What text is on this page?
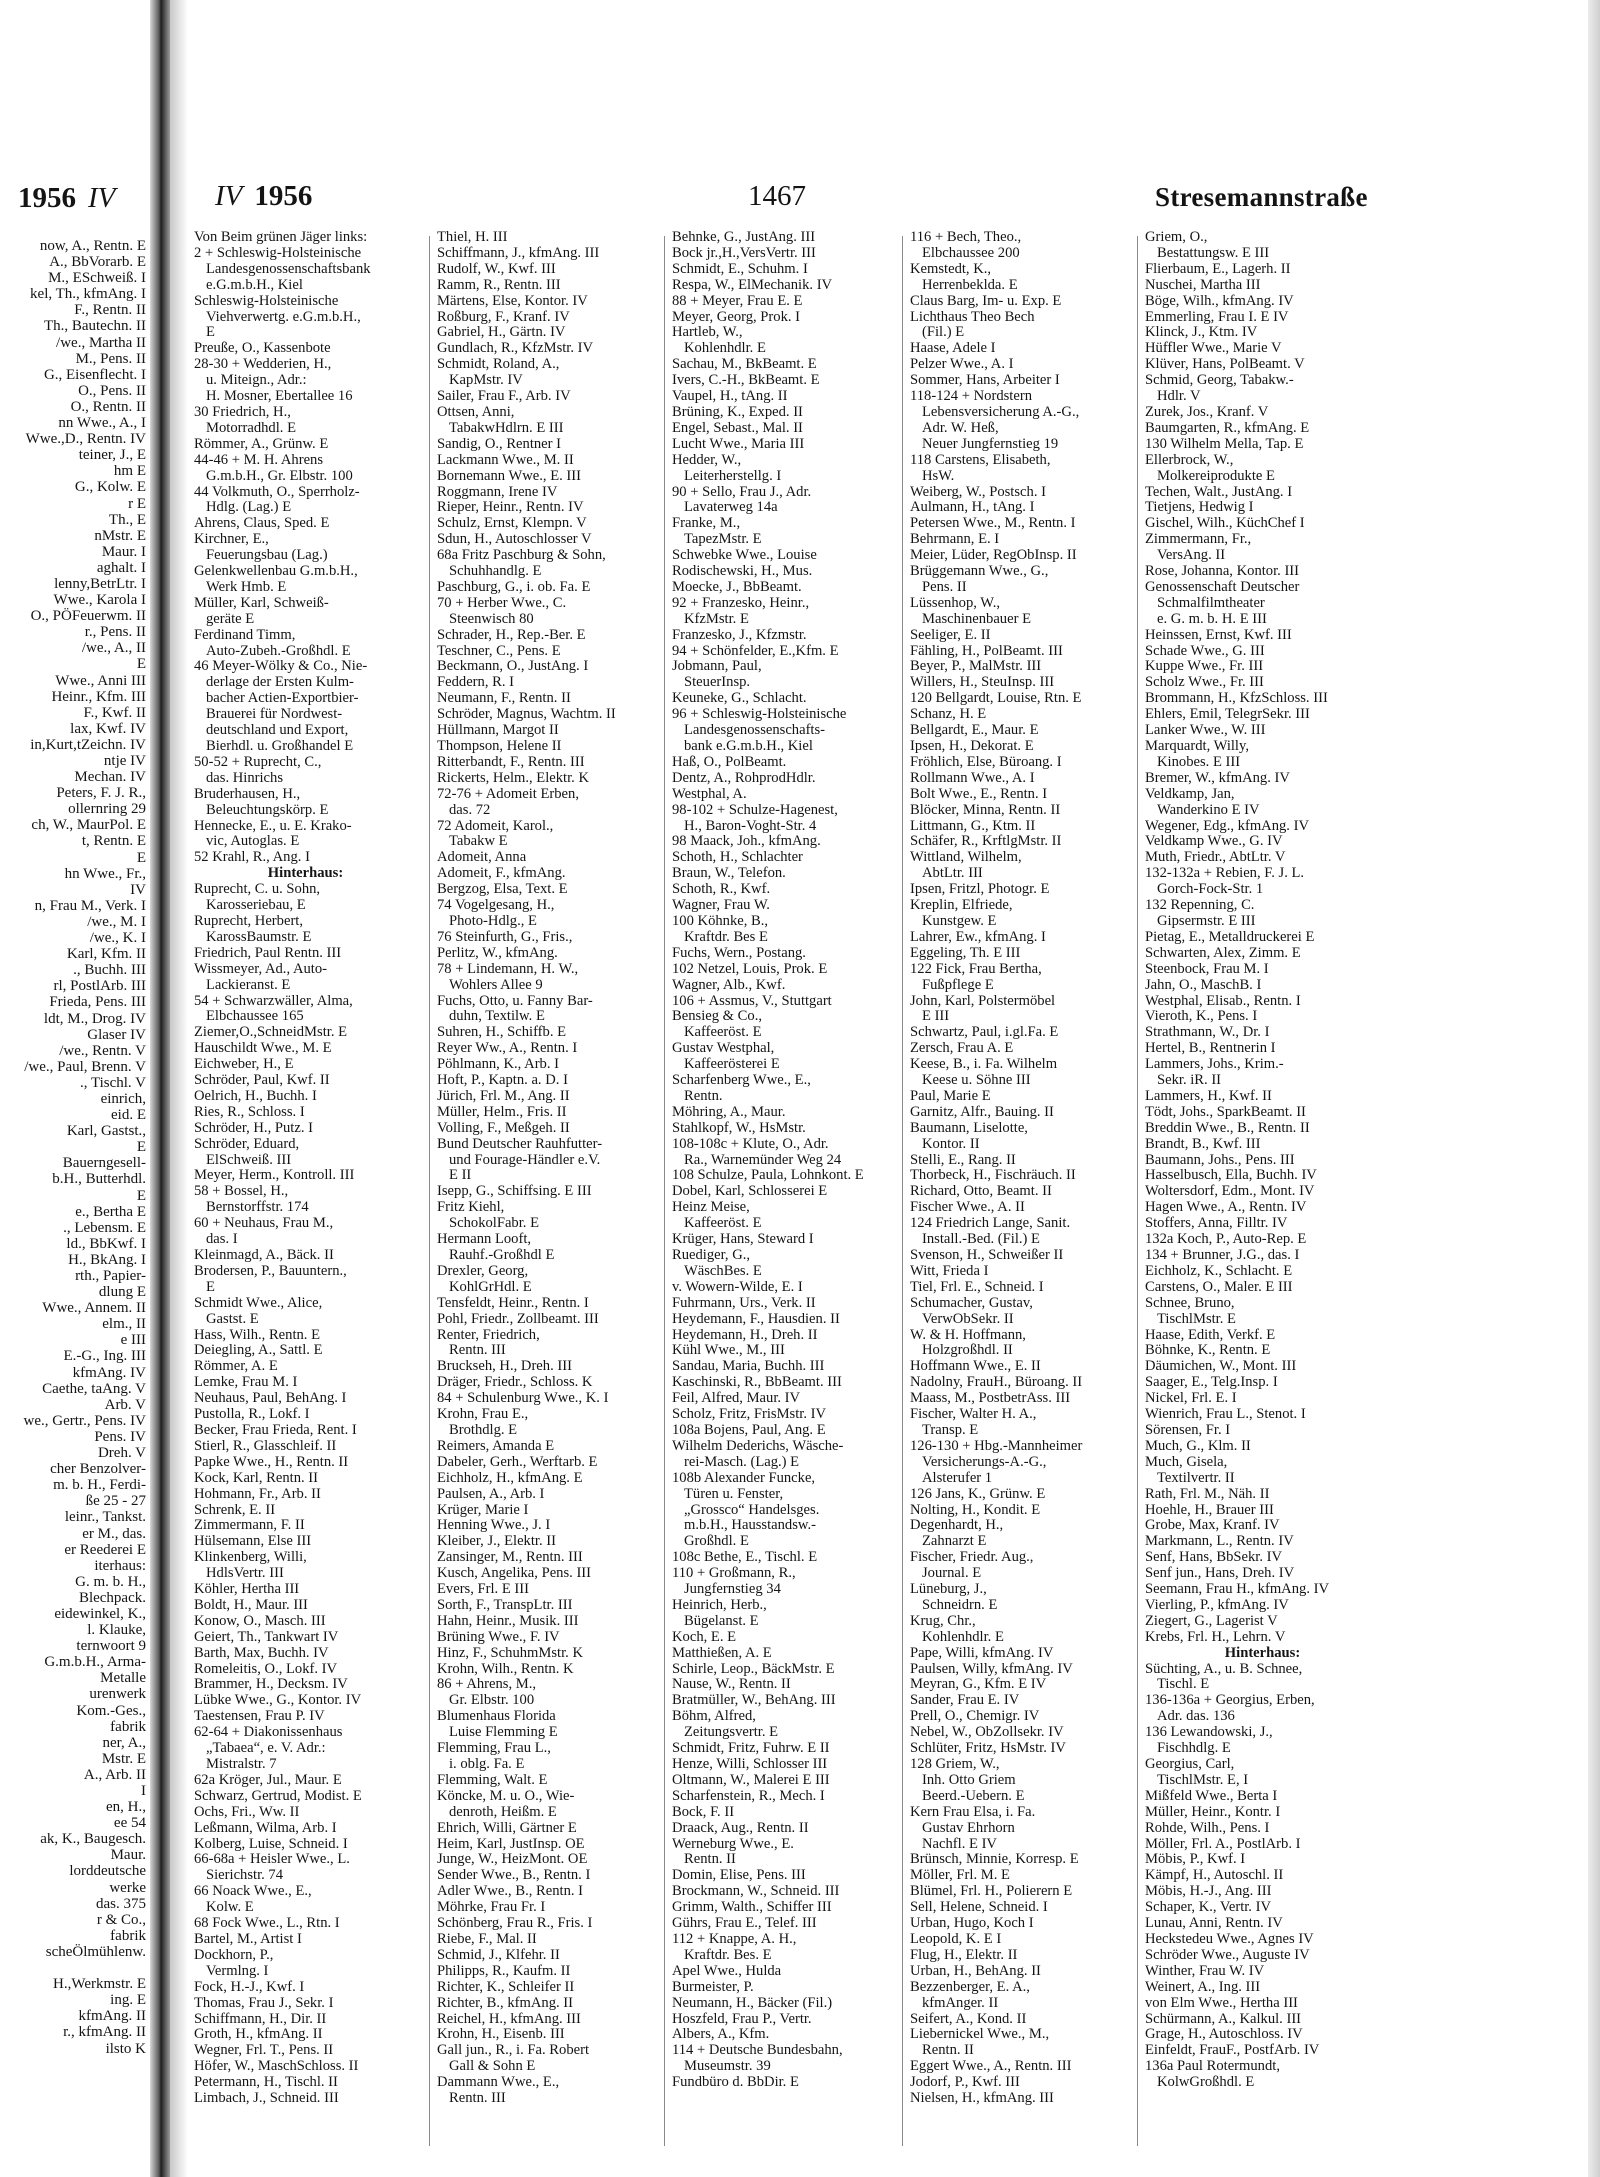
1956 IV
now, A., Rentn. E
A., BbVorarb. E
M., ESchweiß. I
kel, Th., kfmAng. I
F., Rentn. II
Th., Bautechn. II
/we., Martha II
M., Pens. II
G., Eisenflecht. I
O., Pens. II
O., Rentn. II
nn Wwe., A., I
Wwe.,D., Rentn. IV
teiner, J., E
hm E
G., Kolw. E
r E
Th., E
nMstr. E
Maur. I
aghalt. I
lenny,BetrLtr. I
Wwe., Karola I
O., PÖFeuerwm. II
r., Pens. II
/we., A., II
E
Wwe., Anni III
Heinr., Kfm. III
F., Kwf. II
lax, Kwf. IV
in,Kurt,tZeichn. IV
ntje IV
Mechan. IV
Peters, F. J. R.,
ollernring 29
ch, W., MaurPol. E
t, Rentn. E
E
hn Wwe., Fr.,
IV
n, Frau M., Verk. I
/we., M. I
/we., K. I
Karl, Kfm. II
., Buchh. III
rl, PostlArb. III
Frieda, Pens. III
ldt, M., Drog. IV
Glaser IV
/we., Rentn. V
/we., Paul, Brenn. V
., Tischl. V
einrich,
eid. E
Karl, Gastst.,
E
Bauerngesell-
b.H., Butterhdl.
E
e., Bertha E
., Lebensm. E
ld., BbKwf. I
H., BkAng. I
rth., Papier-
dlung E
Wwe., Annem. II
elm., II
e III
E.-G., Ing. III
kfmAng. IV
Caethe, taAng. V
Arb. V
we., Gertr., Pens. IV
Pens. IV
Dreh. V
cher Benzolver-
m. b. H., Ferdi-
ße 25 - 27
leinr., Tankst.
er M., das.
er Reederei E
iterhaus:
G. m. b. H.,
Blechpack.
eidewinkel, K.,
l. Klauke,
ternwoort 9
G.m.b.H., Arma-
Metalle
urenwerk
Kom.-Ges.,
fabrik
ner, A.,
Mstr. E
A., Arb. II
I
en, H.,
ee 54
ak, K., Baugesch.
Maur.
lorddeutsche
werke
das. 375
r & Co.,
fabrik
scheÖlmühlenw.

H.,Werkmstr. E
ing. E
kfmAng. II
r., kfmAng. II
ilsto K
IV 1956	1467	Stresemannstraße
Von Beim grünen Jäger links:
2 + Schleswig-Holsteinische
Landesgenossenschaftsbank
e.G.m.b.H., Kiel
Schleswig-Holsteinische
Viehverwertg. e.G.m.b.H.,
E
Preuße, O., Kassenbote
28-30 + Wedderien, H.,
u. Miteign., Adr.:
H. Mosner, Ebertallee 16
30 Friedrich, H.,
Motorradhdl. E
Römmer, A., Grünw. E
44-46 + M. H. Ahrens
G.m.b.H., Gr. Elbstr. 100
44 Volkmuth, O., Sperrholz-
Hdlg. (Lag.) E
Ahrens, Claus, Sped. E
Kirchner, E.,
Feuerungsbau (Lag.)
Gelenkwellenbau G.m.b.H.,
Werk Hmb. E
Müller, Karl, Schweiß-
geräte E
Ferdinand Timm,
Auto-Zubeh.-Großhdl. E
46 Meyer-Wölky & Co., Nie-
derlage der Ersten Kulm-
bacher Actien-Exportbier-
Brauerei für Nordwest-
deutschland und Export,
Bierhdl. u. Großhandel E
50-52 + Ruprecht, C.,
das. Hinrichs
Bruderhausen, H.,
Beleuchtungskörp. E
Hennecke, E., u. E. Krako-
vic, Autoglas. E
52 Krahl, R., Ang. I
Hinterhaus:
Ruprecht, C. u. Sohn,
Karosseriebau, E
Ruprecht, Herbert,
KarossBaumstr. E
Friedrich, Paul Rentn. III
Wissmeyer, Ad., Auto-
Lackieranst. E
54 + Schwarzwäller, Alma,
Elbchaussee 165
Ziemer,O.,SchneidMstr. E
Hauschildt Wwe., M. E
Eichweber, H., E
Schröder, Paul, Kwf. II
Oelrich, H., Buchh. I
Ries, R., Schloss. I
Schröder, H., Putz. I
Schröder, Eduard,
ElSchweiß. III
Meyer, Herm., Kontroll. III
58 + Bossel, H.,
Bernstorffstr. 174
60 + Neuhaus, Frau M.,
das. I
Kleinmagd, A., Bäck. II
Brodersen, P., Bauuntern.,
E
Schmidt Wwe., Alice,
Gastst. E
Hass, Wilh., Rentn. E
Deiegling, A., Sattl. E
Römmer, A. E
Lemke, Frau M. I
Neuhaus, Paul, BehAng. I
Pustolla, R., Lokf. I
Becker, Frau Frieda, Rent. I
Stierl, R., Glasschleif. II
Papke Wwe., H., Rentn. II
Kock, Karl, Rentn. II
Hohmann, Fr., Arb. II
Schrenk, E. II
Zimmermann, F. II
Hülsemann, Else III
Klinkenberg, Willi,
HdlsVertr. III
Köhler, Hertha III
Boldt, H., Maur. III
Konow, O., Masch. III
Geiert, Th., Tankwart IV
Barth, Max, Buchh. IV
Romeleitis, O., Lokf. IV
Brammer, H., Decksm. IV
Lübke Wwe., G., Kontor. IV
Taestensen, Frau P. IV
62-64 + Diakonissenhaus
„Tabaea“, e. V. Adr.:
Mistralstr. 7
62a Kröger, Jul., Maur. E
Schwarz, Gertrud, Modist. E
Ochs, Fri., Ww. II
Leßmann, Wilma, Arb. I
Kolberg, Luise, Schneid. I
66-68a + Heisler Wwe., L.
Sierichstr. 74
66 Noack Wwe., E.,
Kolw. E
68 Fock Wwe., L., Rtn. I
Bartel, M., Artist I
Dockhorn, P.,
Vermlng. I
Fock, H.-J., Kwf. I
Thomas, Frau J., Sekr. I
Schiffmann, H., Dir. II
Groth, H., kfmAng. II
Wegner, Frl. T., Pens. II
Höfer, W., MaschSchloss. II
Petermann, H., Tischl. II
Limbach, J., Schneid. III
Thiel, H. III
Schiffmann, J., kfmAng. III
Rudolf, W., Kwf. III
Ramm, R., Rentn. III
Märtens, Else, Kontor. IV
Roßburg, F., Kranf. IV
Gabriel, H., Gärtn. IV
Gundlach, R., KfzMstr. IV
Schmidt, Roland, A.,
KapMstr. IV
Sailer, Frau F., Arb. IV
Ottsen, Anni,
TabakwHdlrn. E III
Sandig, O., Rentner I
Lackmann Wwe., M. II
Bornemann Wwe., E. III
Roggmann, Irene IV
Rieper, Heinr., Rentn. IV
Schulz, Ernst, Klempn. V
Sdun, H., Autoschlosser V
68a Fritz Paschburg & Sohn,
Schuhhandlg. E
Paschburg, G., i. ob. Fa. E
70 + Herber Wwe., C.
Steenwisch 80
Schrader, H., Rep.-Ber. E
Teschner, C., Pens. E
Beckmann, O., JustAng. I
Feddern, R. I
Neumann, F., Rentn. II
Schröder, Magnus, Wachtm. II
Hüllmann, Margot II
Thompson, Helene II
Ritterbandt, F., Rentn. III
Rickerts, Helm., Elektr. K
72-76 + Adomeit Erben,
das. 72
72 Adomeit, Karol.,
Tabakw E
Adomeit, Anna
Adomeit, F., kfmAng.
Bergzog, Elsa, Text. E
74 Vogelgesang, H.,
Photo-Hdlg., E
76 Steinfurth, G., Fris.,
Perlitz, W., kfmAng.
78 + Lindemann, H. W.,
Wohlers Allee 9
Fuchs, Otto, u. Fanny Bar-
duhn, Textilw. E
Suhren, H., Schiffb. E
Reyer Ww., A., Rentn. I
Pöhlmann, K., Arb. I
Hoft, P., Kaptn. a. D. I
Jürich, Frl. M., Ang. II
Müller, Helm., Fris. II
Volling, F., Meßgeh. II
Bund Deutscher Rauhfutter-
und Fourage-Händler e.V.
E II
Isepp, G., Schiffsing. E III
Fritz Kiehl,
SchokolFabr. E
Hermann Looft,
Rauhf.-Großhdl E
Drexler, Georg,
KohlGrHdl. E
Tensfeldt, Heinr., Rentn. I
Pohl, Friedr., Zollbeamt. III
Renter, Friedrich,
Rentn. III
Bruckseh, H., Dreh. III
Dräger, Friedr., Schloss. K
84 + Schulenburg Wwe., K. I
Krohn, Frau E.,
Brothdlg. E
Reimers, Amanda E
Dabeler, Gerh., Werftarb. E
Eichholz, H., kfmAng. E
Paulsen, A., Arb. I
Krüger, Marie I
Henning Wwe., J. I
Kleiber, J., Elektr. II
Zansinger, M., Rentn. III
Kusch, Angelika, Pens. III
Evers, Frl. E III
Sorth, F., TranspLtr. III
Hahn, Heinr., Musik. III
Brüning Wwe., F. IV
Hinz, F., SchuhmMstr. K
Krohn, Wilh., Rentn. K
86 + Ahrens, M.,
Gr. Elbstr. 100
Blumenhaus Florida
Luise Flemming E
Flemming, Frau L.,
i. oblg. Fa. E
Flemming, Walt. E
Köncke, M. u. O., Wie-
denroth, Heißm. E
Ehrich, Willi, Gärtner E
Heim, Karl, JustInsp. OE
Junge, W., HeizMont. OE
Sender Wwe., B., Rentn. I
Adler Wwe., B., Rentn. I
Möhrke, Frau Fr. I
Schönberg, Frau R., Fris. I
Riebe, F., Mal. II
Schmid, J., Klfehr. II
Philipps, R., Kaufm. II
Richter, K., Schleifer II
Richter, B., kfmAng. II
Reichel, H., kfmAng. III
Krohn, H., Eisenb. III
Gall jun., R., i. Fa. Robert
Gall & Sohn E
Dammann Wwe., E.,
Rentn. III
Behnke, G., JustAng. III
Bock jr.,H.,VersVertr. III
Schmidt, E., Schuhm. I
Respa, W., ElMechanik. IV
88 + Meyer, Frau E. E
Meyer, Georg, Prok. I
Hartleb, W.,
Kohlenhdlr. E
Sachau, M., BkBeamt. E
Ivers, C.-H., BkBeamt. E
Vaupel, H., tAng. II
Brüning, K., Exped. II
Engel, Sebast., Mal. II
Lucht Wwe., Maria III
Hedder, W.,
Leiterherstellg. I
90 + Sello, Frau J., Adr.
Lavaterweg 14a
Franke, M.,
TapezMstr. E
Schwebke Wwe., Louise
Rodischewski, H., Mus.
Moecke, J., BbBeamt.
92 + Franzesko, Heinr.,
KfzMstr. E
Franzesko, J., Kfzmstr.
94 + Schönfelder, E.,Kfm. E
Jobmann, Paul,
SteuerInsp.
Keuneke, G., Schlacht.
96 + Schleswig-Holsteinische
Landesgenossenschafts-
bank e.G.m.b.H., Kiel
Haß, O., PolBeamt.
Dentz, A., RohprodHdlr.
Westphal, A.
98-102 + Schulze-Hagenest,
H., Baron-Voght-Str. 4
98 Maack, Joh., kfmAng.
Schoth, H., Schlachter
Braun, W., Telefon.
Schoth, R., Kwf.
Wagner, Frau W.
100 Köhnke, B.,
Kraftdr. Bes E
Fuchs, Wern., Postang.
102 Netzel, Louis, Prok. E
Wagner, Alb., Kwf.
106 + Assmus, V., Stuttgart
Bensieg & Co.,
Kaffeeröst. E
Gustav Westphal,
Kaffeerösterei E
Scharfenberg Wwe., E.,
Rentn.
Möhring, A., Maur.
Stahlkopf, W., HsMstr.
108-108c + Klute, O., Adr.
Ra., Warnemünder Weg 24
108 Schulze, Paula, Lohnkont. E
Dobel, Karl, Schlosserei E
Heinz Meise,
Kaffeeröst. E
Krüger, Hans, Steward I
Ruediger, G.,
WäschBes. E
v. Wowern-Wilde, E. I
Fuhrmann, Urs., Verk. II
Heydemann, F., Hausdien. II
Heydemann, H., Dreh. II
Kühl Wwe., M., III
Sandau, Maria, Buchh. III
Kaschinski, R., BbBeamt. III
Feil, Alfred, Maur. IV
Scholz, Fritz, FrisMstr. IV
108a Bojens, Paul, Ang. E
Wilhelm Dederichs, Wäsche-
rei-Masch. (Lag.) E
108b Alexander Funcke,
Türen u. Fenster,
„Grossco“ Handelsges.
m.b.H., Hausstandsw.-
Großhdl. E
108c Bethe, E., Tischl. E
110 + Großmann, R.,
Jungfernstieg 34
Heinrich, Herb.,
Bügelanst. E
Koch, E. E
Matthießen, A. E
Schirle, Leop., BäckMstr. E
Nause, W., Rentn. II
Bratmüller, W., BehAng. III
Böhm, Alfred,
Zeitungsvertr. E
Schmidt, Fritz, Fuhrw. E II
Henze, Willi, Schlosser III
Oltmann, W., Malerei E III
Scharfenstein, R., Mech. I
Bock, F. II
Draack, Aug., Rentn. II
Werneburg Wwe., E.
Rentn. II
Domin, Elise, Pens. III
Brockmann, W., Schneid. III
Grimm, Walth., Schiffer III
Gührs, Frau E., Telef. III
112 + Knappe, A. H.,
Kraftdr. Bes. E
Apel Wwe., Hulda
Burmeister, P.
Neumann, H., Bäcker (Fil.)
Hoszfeld, Frau P., Vertr.
Albers, A., Kfm.
114 + Deutsche Bundesbahn,
Museumstr. 39
Fundbüro d. BbDir. E
116 + Bech, Theo.,
Elbchaussee 200
Kemstedt, K.,
Herrenbeklda. E
Claus Barg, Im- u. Exp. E
Lichthaus Theo Bech
(Fil.) E
Haase, Adele I
Pelzer Wwe., A. I
Sommer, Hans, Arbeiter I
118-124 + Nordstern
Lebensversicherung A.-G.,
Adr. W. Heß,
Neuer Jungfernstieg 19
118 Carstens, Elisabeth,
HsW.
Weiberg, W., Postsch. I
Aulmann, H., tAng. I
Petersen Wwe., M., Rentn. I
Behrmann, E. I
Meier, Lüder, RegObInsp. II
Brüggemann Wwe., G.,
Pens. II
Lüssenhop, W.,
Maschinenbauer E
Seeliger, E. II
Fähling, H., PolBeamt. III
Beyer, P., MalMstr. III
Willers, H., SteuInsp. III
120 Bellgardt, Louise, Rtn. E
Schanz, H. E
Bellgardt, E., Maur. E
Ipsen, H., Dekorat. E
Fröhlich, Else, Büroang. I
Rollmann Wwe., A. I
Bolt Wwe., E., Rentn. I
Blöcker, Minna, Rentn. II
Littmann, G., Ktm. II
Schäfer, R., KrftlgMstr. II
Wittland, Wilhelm,
AbtLtr. III
Ipsen, Fritzl, Photogr. E
Kreplin, Elfriede,
Kunstgew. E
Lahrer, Ew., kfmAng. I
Eggeling, Th. E III
122 Fick, Frau Bertha,
Fußpflege E
John, Karl, Polstermöbel
E III
Schwartz, Paul, i.gl.Fa. E
Zersch, Frau A. E
Keese, B., i. Fa. Wilhelm
Keese u. Söhne III
Paul, Marie E
Garnitz, Alfr., Bauing. II
Baumann, Liselotte,
Kontor. II
Stelli, E., Rang. II
Thorbeck, H., Fischräuch. II
Richard, Otto, Beamt. II
Fischer Wwe., A. II
124 Friedrich Lange, Sanit.
Install.-Bed. (Fil.) E
Svenson, H., Schweißer II
Witt, Frieda I
Tiel, Frl. E., Schneid. I
Schumacher, Gustav,
VerwObSekr. II
W. & H. Hoffmann,
Holzgroßhdl. II
Hoffmann Wwe., E. II
Nadolny, FrauH., Büroang. II
Maass, M., PostbetrAss. III
Fischer, Walter H. A.,
Transp. E
126-130 + Hbg.-Mannheimer
Versicherungs-A.-G.,
Alsterufer 1
126 Jans, K., Grünw. E
Nolting, H., Kondit. E
Degenhardt, H.,
Zahnarzt E
Fischer, Friedr. Aug.,
Journal. E
Lüneburg, J.,
Schneidrn. E
Krug, Chr.,
Kohlenhdlr. E
Pape, Willi, kfmAng. IV
Paulsen, Willy, kfmAng. IV
Meyran, G., Kfm. E IV
Sander, Frau E. IV
Prell, O., Chemigr. IV
Nebel, W., ObZollsekr. IV
Schlüter, Fritz, HsMstr. IV
128 Griem, W.,
Inh. Otto Griem
Beerd.-Uebern. E
Kern Frau Elsa, i. Fa.
Gustav Ehrhorn
Nachfl. E IV
Brünsch, Minnie, Korresp. E
Möller, Frl. M. E
Blümel, Frl. H., Polierern E
Sell, Helene, Schneid. I
Urban, Hugo, Koch I
Leopold, K. E I
Flug, H., Elektr. II
Urban, H., BehAng. II
Bezzenberger, E. A.,
kfmAnger. II
Seifert, A., Kond. II
Liebernickel Wwe., M.,
Rentn. II
Eggert Wwe., A., Rentn. III
Jodorf, P., Kwf. III
Nielsen, H., kfmAng. III
Griem, O.,
Bestattungsw. E III
Flierbaum, E., Lagerh. II
Nuschei, Martha III
Böge, Wilh., kfmAng. IV
Emmerling, Frau I. E IV
Klinck, J., Ktm. IV
Hüffler Wwe., Marie V
Klüver, Hans, PolBeamt. V
Schmid, Georg, Tabakw.-
Hdlr. V
Zurek, Jos., Kranf. V
Baumgarten, R., kfmAng. E
130 Wilhelm Mella, Tap. E
Ellerbrock, W.,
Molkereiprodukte E
Techen, Walt., JustAng. I
Tietjens, Hedwig I
Gischel, Wilh., KüchChef I
Zimmermann, Fr.,
VersAng. II
Rose, Johanna, Kontor. III
Genossenschaft Deutscher
Schmalfilmtheater
e. G. m. b. H. E III
Heinssen, Ernst, Kwf. III
Schade Wwe., G. III
Kuppe Wwe., Fr. III
Scholz Wwe., Fr. III
Brommann, H., KfzSchloss. III
Ehlers, Emil, TelegrSekr. III
Lanker Wwe., W. III
Marquardt, Willy,
Kinobes. E III
Bremer, W., kfmAng. IV
Veldkamp, Jan,
Wanderkino E IV
Wegener, Edg., kfmAng. IV
Veldkamp Wwe., G. IV
Muth, Friedr., AbtLtr. V
132-132a + Rebien, F. J. L.
Gorch-Fock-Str. 1
132 Repenning, C.
Gipsermstr. E III
Pietag, E., Metalldruckerei E
Schwarten, Alex, Zimm. E
Steenbock, Frau M. I
Jahn, O., MaschB. I
Westphal, Elisab., Rentn. I
Vieroth, K., Pens. I
Strathmann, W., Dr. I
Hertel, B., Rentnerin I
Lammers, Johs., Krim.-
Sekr. iR. II
Lammers, H., Kwf. II
Tödt, Johs., SparkBeamt. II
Breddin Wwe., B., Rentn. II
Brandt, B., Kwf. III
Baumann, Johs., Pens. III
Hasselbusch, Ella, Buchh. IV
Woltersdorf, Edm., Mont. IV
Hagen Wwe., A., Rentn. IV
Stoffers, Anna, Filltr. IV
132a Koch, P., Auto-Rep. E
134 + Brunner, J.G., das. I
Eichholz, K., Schlacht. E
Carstens, O., Maler. E III
Schnee, Bruno,
TischlMstr. E
Haase, Edith, Verkf. E
Böhnke, K., Rentn. E
Däumichen, W., Mont. III
Saager, E., Telg.Insp. I
Nickel, Frl. E. I
Wienrich, Frau L., Stenot. I
Sörensen, Fr. I
Much, G., Klm. II
Much, Gisela,
Textilvertr. II
Rath, Frl. M., Näh. II
Hoehle, H., Brauer III
Grobe, Max, Kranf. IV
Markmann, L., Rentn. IV
Senf, Hans, BbSekr. IV
Senf jun., Hans, Dreh. IV
Seemann, Frau H., kfmAng. IV
Vierling, P., kfmAng. IV
Ziegert, G., Lagerist V
Krebs, Frl. H., Lehrn. V
Hinterhaus:
Süchting, A., u. B. Schnee,
Tischl. E
136-136a + Georgius, Erben,
Adr. das. 136
136 Lewandowski, J.,
Fischhdlg. E
Georgius, Carl,
TischlMstr. E, I
Mißfeld Wwe., Berta I
Müller, Heinr., Kontr. I
Rohde, Wilh., Pens. I
Möller, Frl. A., PostlArb. I
Möbis, P., Kwf. I
Kämpf, H., Autoschl. II
Möbis, H.-J., Ang. III
Schaper, K., Vertr. IV
Lunau, Anni, Rentn. IV
Heckstedeu Wwe., Agnes IV
Schröder Wwe., Auguste IV
Winther, Frau W. IV
Weinert, A., Ing. III
von Elm Wwe., Hertha III
Schürmann, A., Kalkul. III
Grage, H., Autoschloss. IV
Einfeldt, FrauF., PostfArb. IV
136a Paul Rotermundt,
KolwGroßhdl. E
